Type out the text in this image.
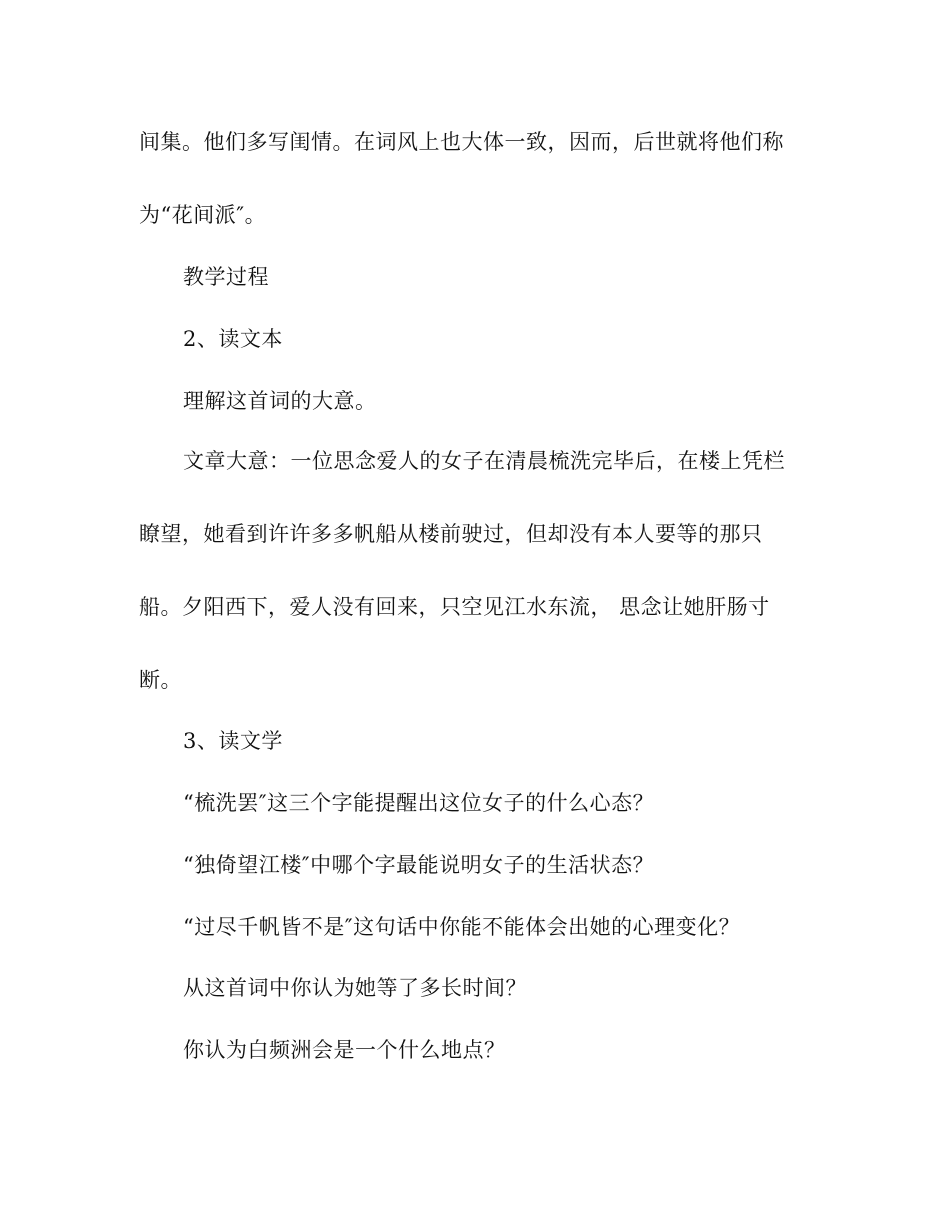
间集。他们多写闺情。在词风上也大体一致，因而，后世就将他们称
为“花间派″。
教学过程
2、读文本
理解这首词的大意。
文章大意：一位思念爱人的女子在清晨梳洗完毕后，在楼上凭栏
瞭望，她看到许许多多帆船从楼前驶过，但却没有本人要等的那只
船。夕阳西下，爱人没有回来，只空见江水东流， 思念让她肝肠寸
断。
3、读文学
“梳洗罢″这三个字能提醒出这位女子的什么心态？
“独倚望江楼″中哪个字最能说明女子的生活状态？
“过尽千帆皆不是″这句话中你能不能体会出她的心理变化？
从这首词中你认为她等了多长时间？
你认为白频洲会是一个什么地点？
